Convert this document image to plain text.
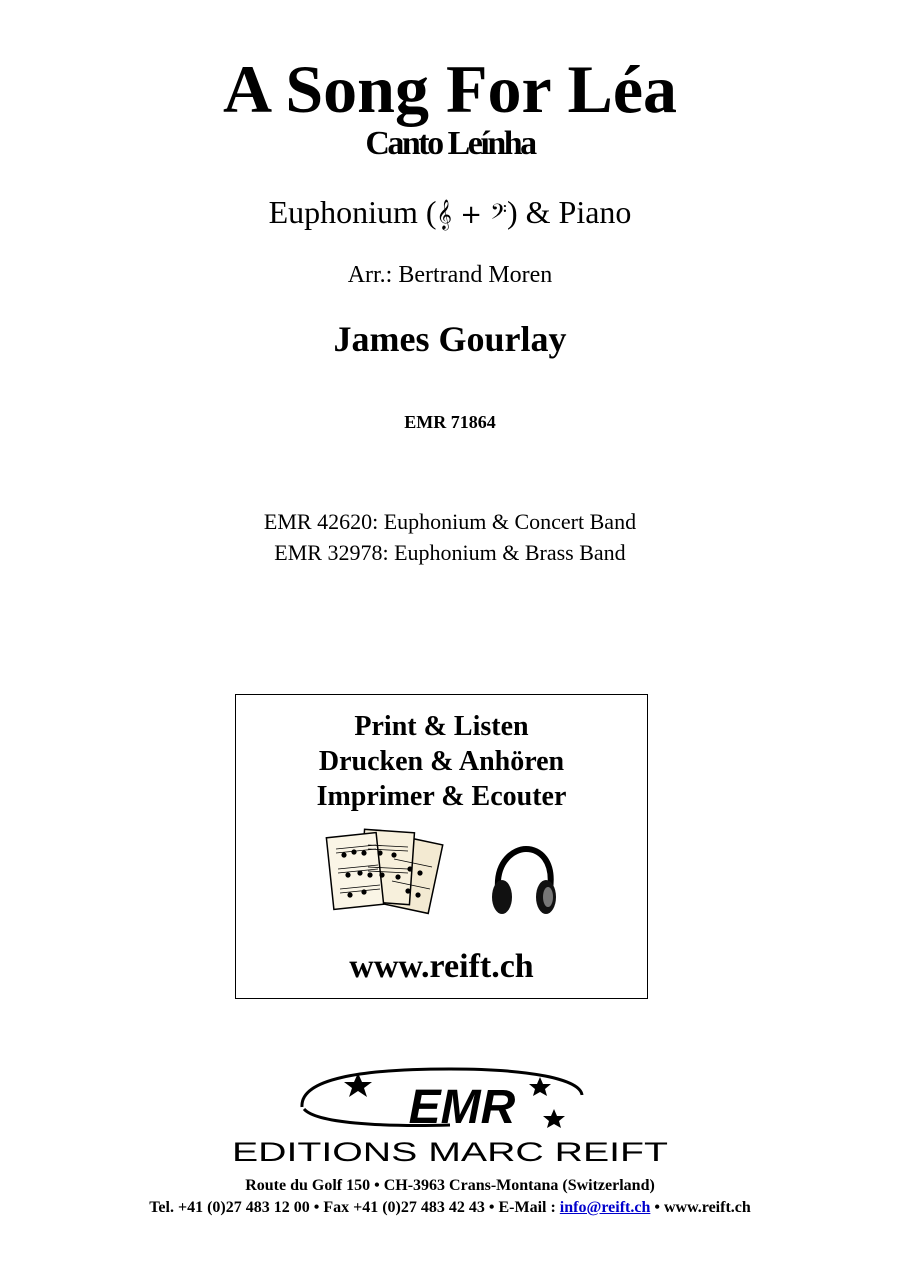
A Song For Léa
Canto Leínha
Euphonium (𝄞 + 𝄢) & Piano
Arr.: Bertrand Moren
James Gourlay
EMR 71864
EMR 42620: Euphonium & Concert Band
EMR 32978: Euphonium & Brass Band
Print & Listen
Drucken & Anhören
Imprimer & Ecouter
www.reift.ch
EMR
EDITIONS MARC REIFT
Route du Golf 150 • CH-3963 Crans-Montana (Switzerland)
Tel. +41 (0)27 483 12 00 • Fax +41 (0)27 483 42 43 • E-Mail : info@reift.ch • www.reift.ch
